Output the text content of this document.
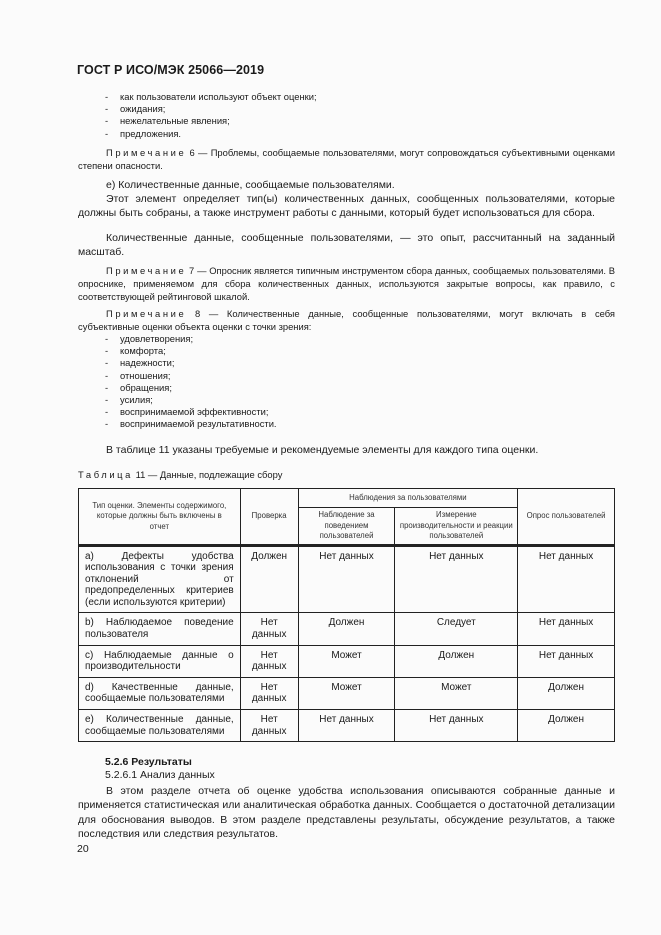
ГОСТ Р ИСО/МЭК 25066—2019
- как пользователи используют объект оценки;
- ожидания;
- нежелательные явления;
- предложения.
Примечание 6 — Проблемы, сообщаемые пользователями, могут сопровождаться субъективными оценками степени опасности.
e) Количественные данные, сообщаемые пользователями.
Этот элемент определяет тип(ы) количественных данных, сообщенных пользователями, которые должны быть собраны, а также инструмент работы с данными, который будет использоваться для сбора.
Количественные данные, сообщенные пользователями, — это опыт, рассчитанный на заданный масштаб.
Примечание 7 — Опросник является типичным инструментом сбора данных, сообщаемых пользователями. В опроснике, применяемом для сбора количественных данных, используются закрытые вопросы, как правило, с соответствующей рейтинговой шкалой.
Примечание 8 — Количественные данные, сообщенные пользователями, могут включать в себя субъективные оценки объекта оценки с точки зрения:
- удовлетворения;
- комфорта;
- надежности;
- отношения;
- обращения;
- усилия;
- воспринимаемой эффективности;
- воспринимаемой результативности.
В таблице 11 указаны требуемые и рекомендуемые элементы для каждого типа оценки.
Таблица 11 — Данные, подлежащие сбору
Тип оценки. Элементы содержимого, которые должны быть включены в отчет	Проверка	Наблюдения за пользователями		Опрос пользователей
		Наблюдение за поведением пользователей	Измерение производительности и реакции пользователей	

a) Дефекты удобства использования с точки зрения отклонений от предопределенных критериев (если используются критерии)	Должен	Нет данных	Нет данных	Нет данных
b) Наблюдаемое поведение пользователя	Нет данных	Должен	Следует	Нет данных
c) Наблюдаемые данные о производительности	Нет данных	Может	Должен	Нет данных
d) Качественные данные, сообщаемые пользователями	Нет данных	Может	Может	Должен
e) Количественные данные, сообщаемые пользователями	Нет данных	Нет данных	Нет данных	Должен
5.2.6 Результаты
5.2.6.1 Анализ данных
В этом разделе отчета об оценке удобства использования описываются собранные данные и применяется статистическая или аналитическая обработка данных. Сообщается о достаточной детализации для обоснования выводов. В этом разделе представлены результаты, обсуждение результатов, а также последствия или следствия результатов.
20
